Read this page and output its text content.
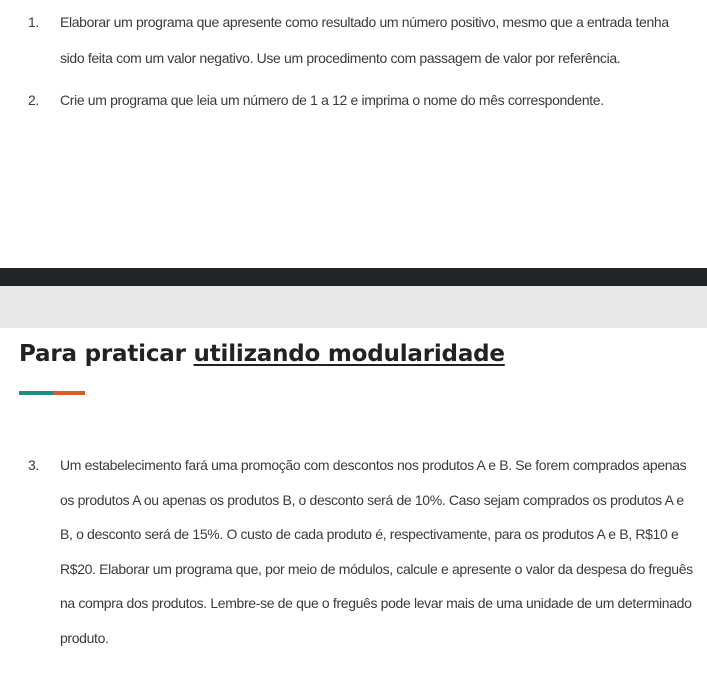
1. Elaborar um programa que apresente como resultado um número positivo, mesmo que a entrada tenha sido feita com um valor negativo. Use um procedimento com passagem de valor por referência.
2. Crie um programa que leia um número de 1 a 12 e imprima o nome do mês correspondente.
Para praticar utilizando modularidade
3. Um estabelecimento fará uma promoção com descontos nos produtos A e B. Se forem comprados apenas os produtos A ou apenas os produtos B, o desconto será de 10%. Caso sejam comprados os produtos A e B, o desconto será de 15%. O custo de cada produto é, respectivamente, para os produtos A e B, R$10 e R$20. Elaborar um programa que, por meio de módulos, calcule e apresente o valor da despesa do freguês na compra dos produtos. Lembre-se de que o freguês pode levar mais de uma unidade de um determinado produto.
